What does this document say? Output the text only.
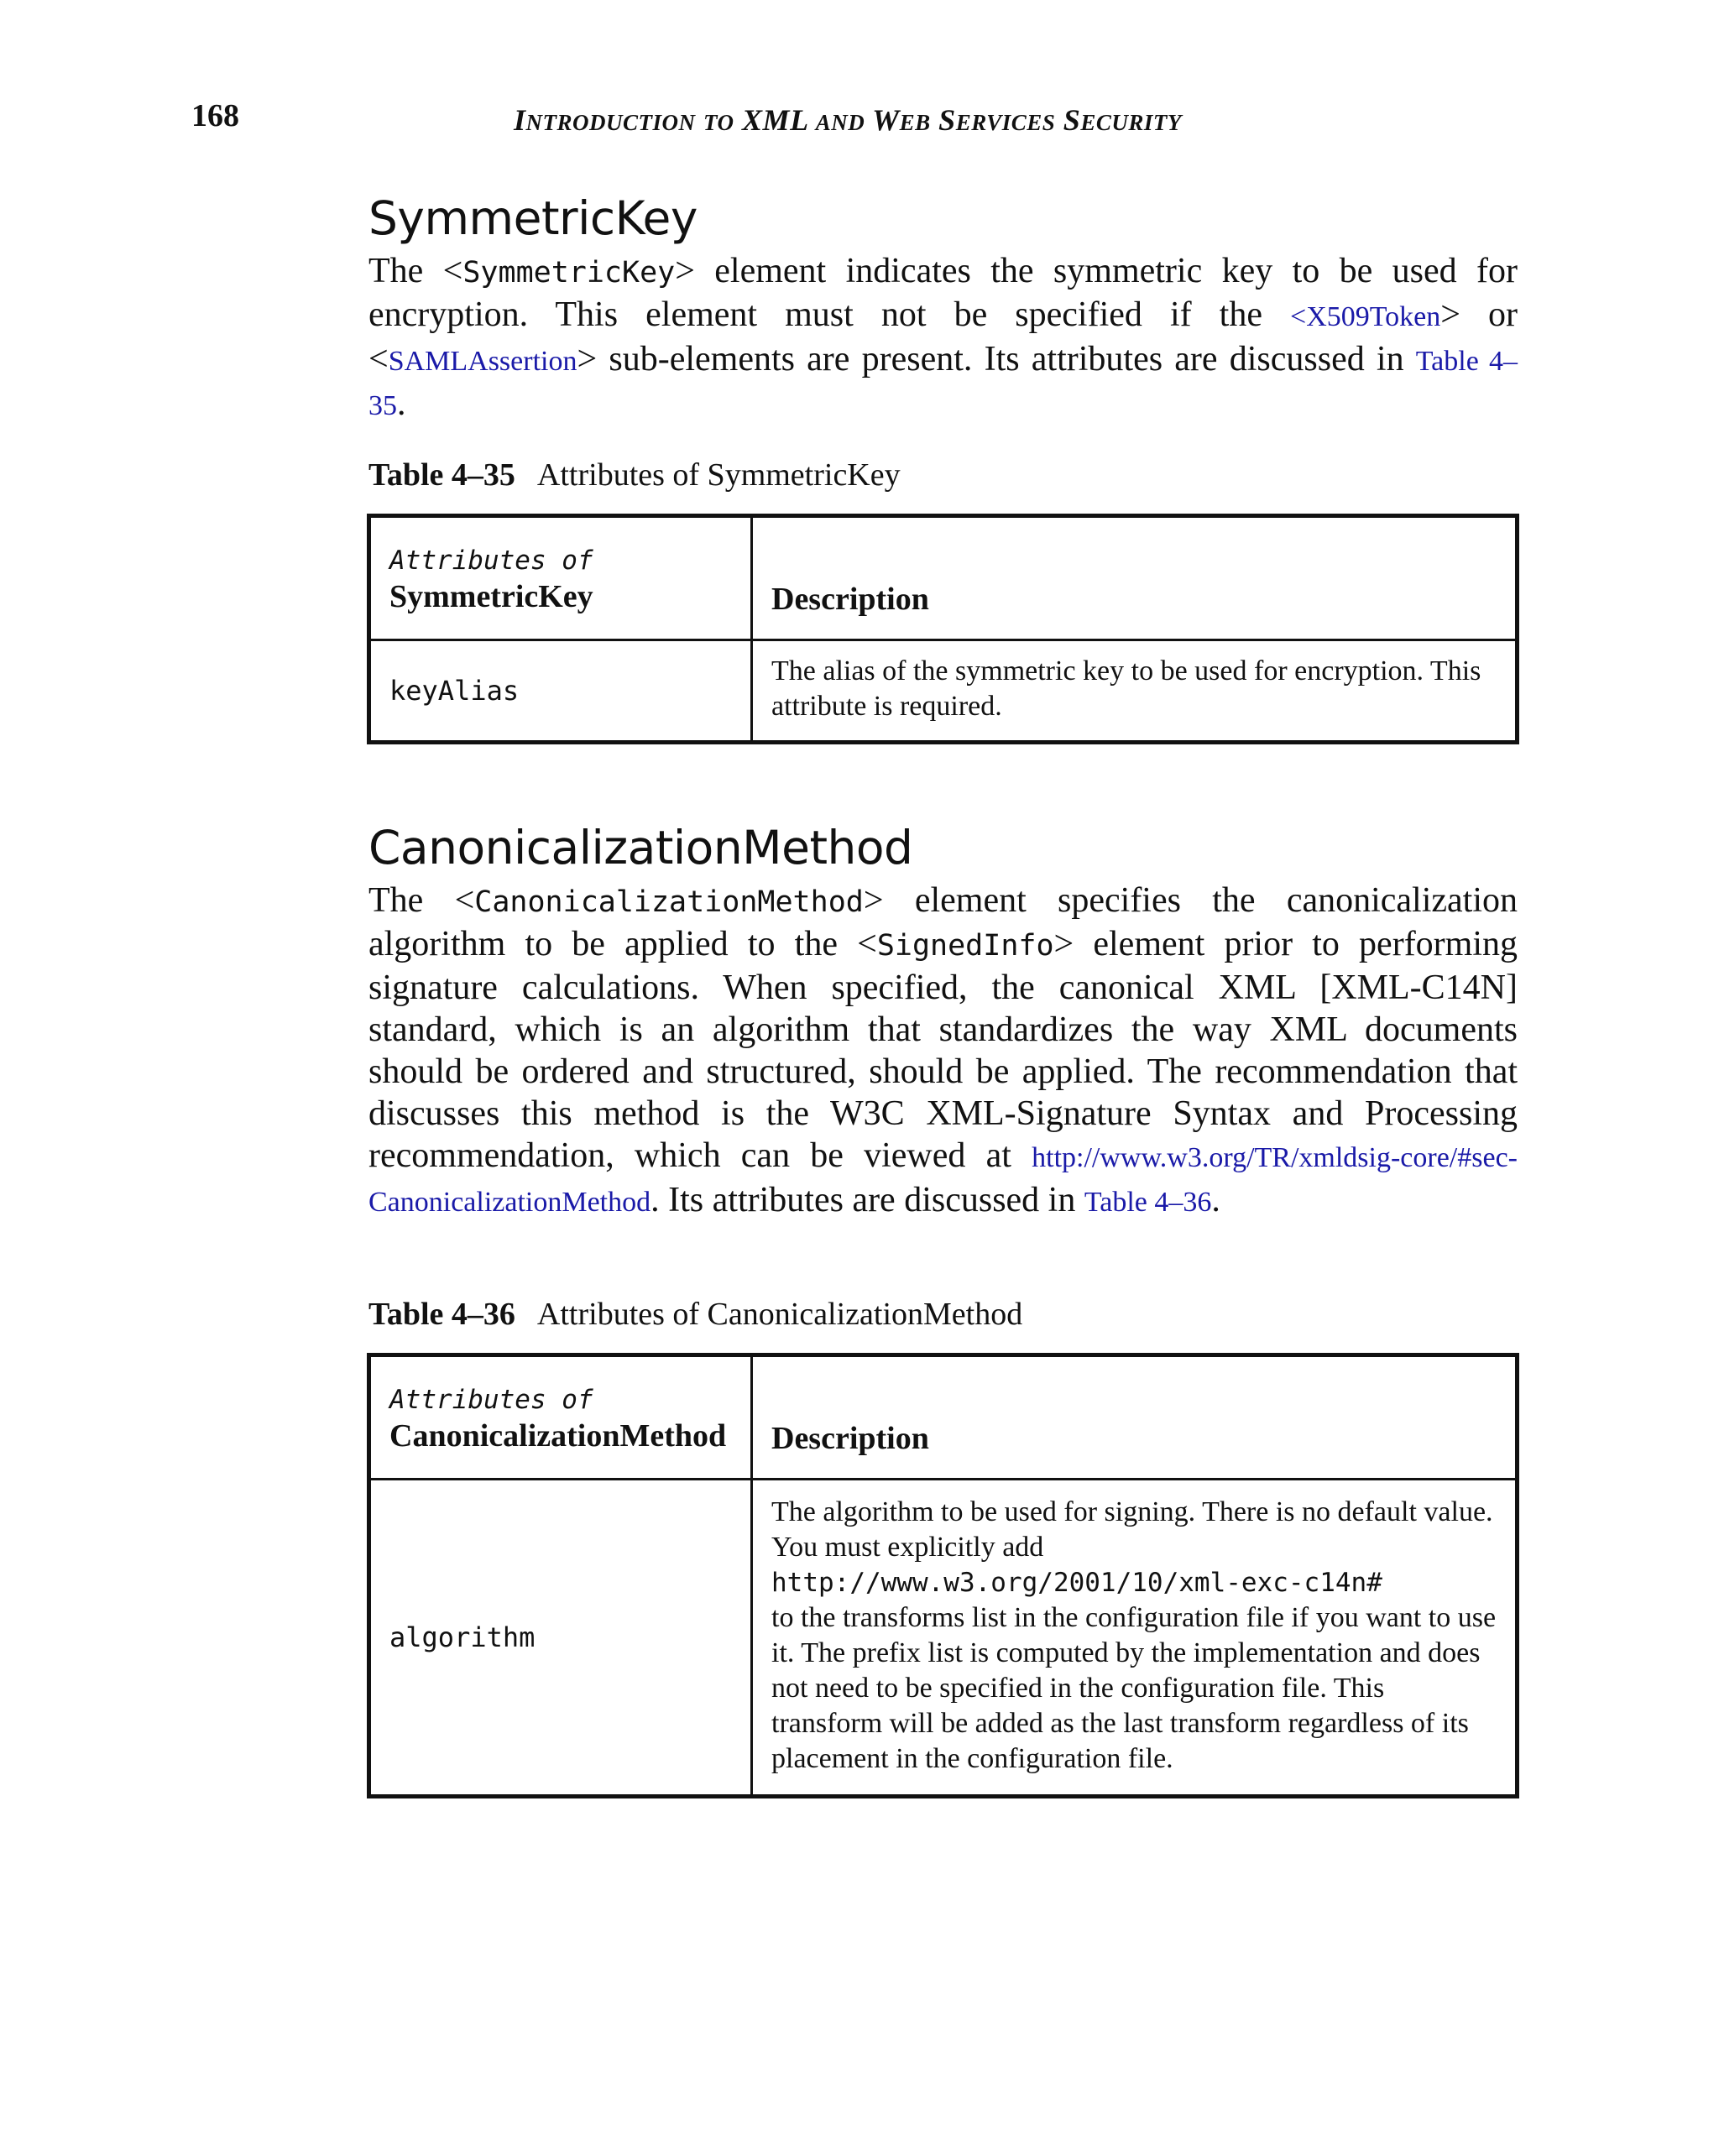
168	INTRODUCTION TO XML AND WEB SERVICES SECURITY
SymmetricKey

The <SymmetricKey> element indicates the symmetric key to be used for encryption. This element must not be specified if the <X509Token> or <SAMLAssertion> sub-elements are present. Its attributes are discussed in Table 4–35.

Table 4–35 Attributes of SymmetricKey

Attributes of
SymmetricKey	Description
keyAlias	The alias of the symmetric key to be used for encryption. This attribute is required.
CanonicalizationMethod

The <CanonicalizationMethod> element specifies the canonicalization algorithm to be applied to the <SignedInfo> element prior to performing signature calculations. When specified, the canonical XML [XML-C14N] standard, which is an algorithm that standardizes the way XML documents should be ordered and structured, should be applied. The recommendation that discusses this method is the W3C XML-Signature Syntax and Processing recommendation, which can be viewed at http://www.w3.org/TR/xmldsig-core/#sec-CanonicalizationMethod. Its attributes are discussed in Table 4–36.

Table 4–36 Attributes of CanonicalizationMethod

Attributes of
CanonicalizationMethod	Description
algorithm	The algorithm to be used for signing. There is no default value. You must explicitly add
http://www.w3.org/2001/10/xml-exc-c14n#
to the transforms list in the configuration file if you want to use it. The prefix list is computed by the implementation and does not need to be specified in the configuration file. This transform will be added as the last transform regardless of its placement in the configuration file.
